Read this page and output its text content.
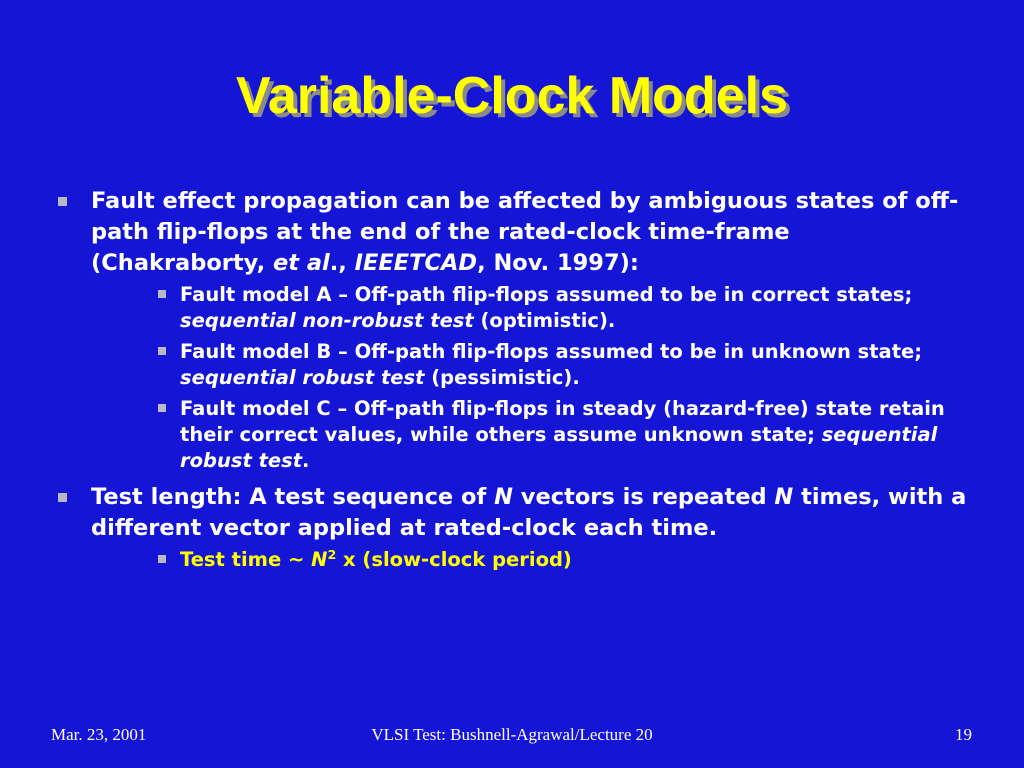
Variable-Clock Models
Fault effect propagation can be affected by ambiguous states of off-path flip-flops at the end of the rated-clock time-frame (Chakraborty, et al., IEEETCAD, Nov. 1997):
Fault model A – Off-path flip-flops assumed to be in correct states; sequential non-robust test (optimistic).
Fault model B – Off-path flip-flops assumed to be in unknown state; sequential robust test (pessimistic).
Fault model C – Off-path flip-flops in steady (hazard-free) state retain their correct values, while others assume unknown state; sequential robust test.
Test length: A test sequence of N vectors is repeated N times, with a different vector applied at rated-clock each time.
Test time ~ $N^2$ x (slow-clock period)
Mar. 23, 2001	VLSI Test: Bushnell-Agrawal/Lecture 20	19
